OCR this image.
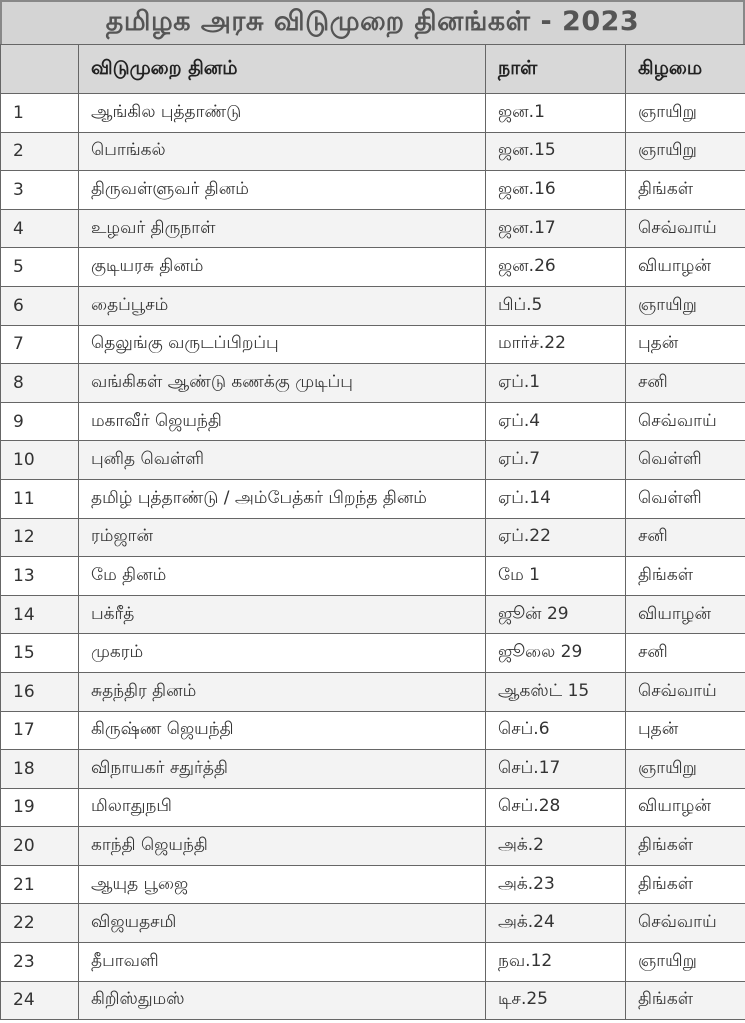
தமிழக அரசு விடுமுறை தினங்கள் - 2023
	விடுமுறை தினம்	நாள்	கிழமை
1	ஆங்கில புத்தாண்டு	ஜன.1	ஞாயிறு
2	பொங்கல்	ஜன.15	ஞாயிறு
3	திருவள்ளுவர் தினம்	ஜன.16	திங்கள்
4	உழவர் திருநாள்	ஜன.17	செவ்வாய்
5	குடியரசு தினம்	ஜன.26	வியாழன்
6	தைப்பூசம்	பிப்.5	ஞாயிறு
7	தெலுங்கு வருடப்பிறப்பு	மார்ச்.22	புதன்
8	வங்கிகள் ஆண்டு கணக்கு முடிப்பு	ஏப்.1	சனி
9	மகாவீர் ஜெயந்தி	ஏப்.4	செவ்வாய்
10	புனித வெள்ளி	ஏப்.7	வெள்ளி
11	தமிழ் புத்தாண்டு / அம்பேத்கர் பிறந்த தினம்	ஏப்.14	வெள்ளி
12	ரம்ஜான்	ஏப்.22	சனி
13	மே தினம்	மே 1	திங்கள்
14	பக்ரீத்	ஜூன் 29	வியாழன்
15	முகரம்	ஜூலை 29	சனி
16	சுதந்திர தினம்	ஆகஸ்ட் 15	செவ்வாய்
17	கிருஷ்ண ஜெயந்தி	செப்.6	புதன்
18	விநாயகர் சதுர்த்தி	செப்.17	ஞாயிறு
19	மிலாதுநபி	செப்.28	வியாழன்
20	காந்தி ஜெயந்தி	அக்.2	திங்கள்
21	ஆயுத பூஜை	அக்.23	திங்கள்
22	விஜயதசமி	அக்.24	செவ்வாய்
23	தீபாவளி	நவ.12	ஞாயிறு
24	கிறிஸ்துமஸ்	டிச.25	திங்கள்
